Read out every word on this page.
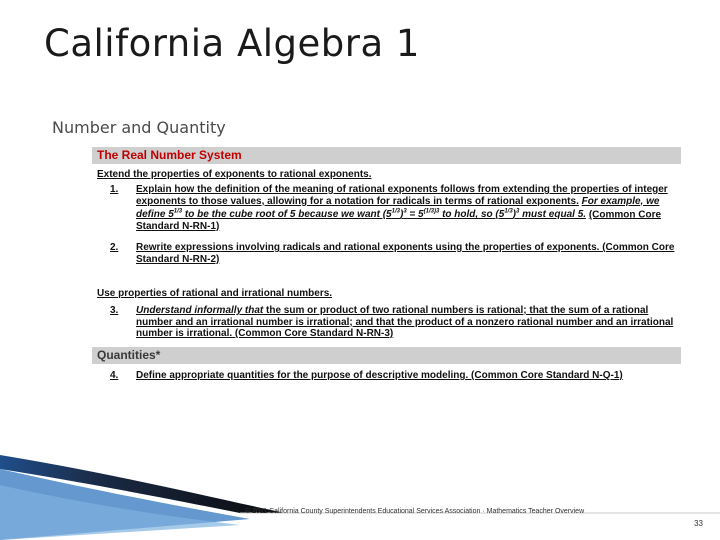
California Algebra 1
Number and Quantity
The Real Number System
Extend the properties of exponents to rational exponents.
1.	Explain how the definition of the meaning of rational exponents follows from extending the properties of integer exponents to those values, allowing for a notation for radicals in terms of rational exponents. For example, we define $5^{1/3}$ to be the cube root of 5 because we want $(5^{1/3})^3 = 5^{(1/3)3}$ to hold, so $(5^{1/3})^3$ must equal 5. (Common Core Standard N-RN-1)
2.	Rewrite expressions involving radicals and rational exponents using the properties of exponents. (Common Core Standard N-RN-2)
Use properties of rational and irrational numbers.
3.	Understand informally that the sum or product of two rational numbers is rational; that the sum of a rational number and an irrational number is irrational; and that the product of a nonzero rational number and an irrational number is irrational. (Common Core Standard N-RN-3)
Quantities*
4.	Define appropriate quantities for the purpose of descriptive modeling. (Common Core Standard N-Q-1)
© 2011 California County Superintendents Educational Services Association · Mathematics Teacher Overview
33
